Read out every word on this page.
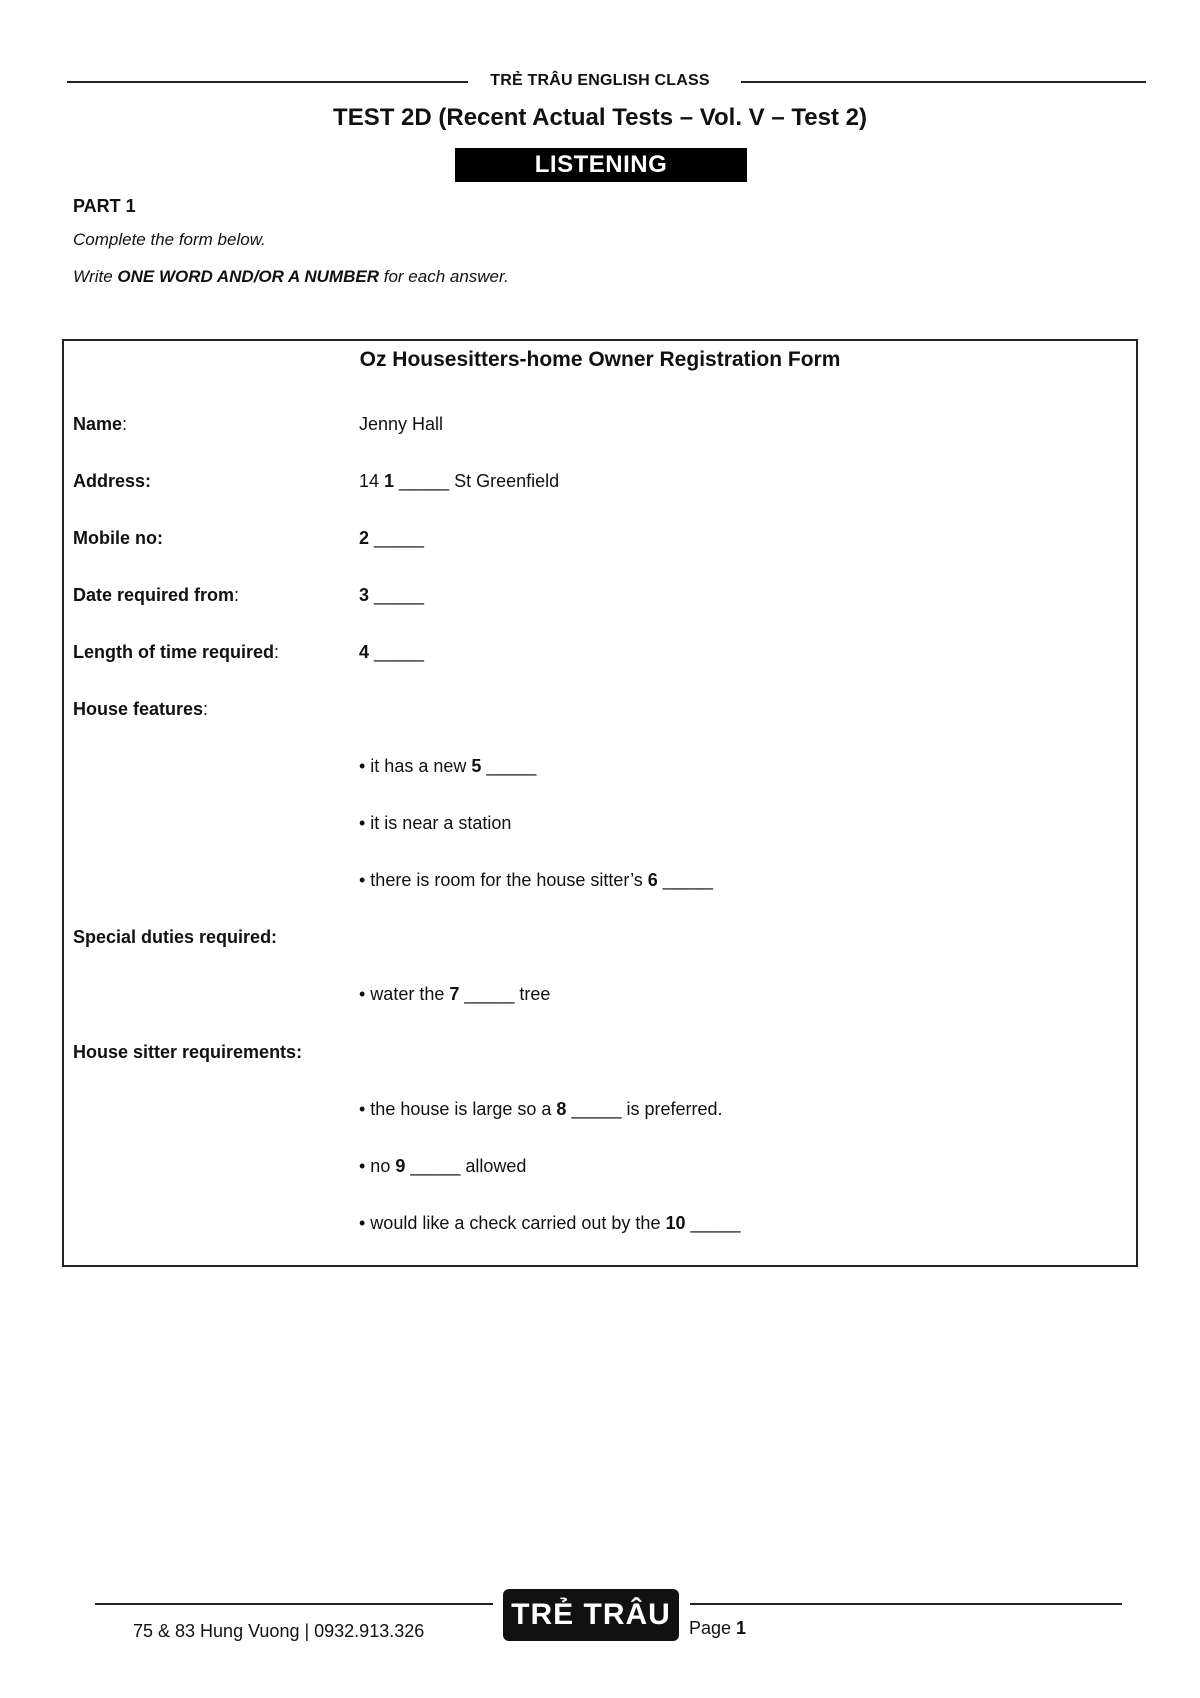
TRẺ TRÂU ENGLISH CLASS
TEST 2D (Recent Actual Tests – Vol. V – Test 2)
LISTENING
PART 1
Complete the form below.
Write ONE WORD AND/OR A NUMBER for each answer.
Oz Housesitters-home Owner Registration Form
Name:	Jenny Hall
Address:	14 1 _____ St Greenfield
Mobile no:	2 _____
Date required from:	3 _____
Length of time required:	4 _____
House features:
• it has a new 5 _____
• it is near a station
• there is room for the house sitter’s 6 _____
Special duties required:
• water the 7 _____ tree
House sitter requirements:
• the house is large so a 8 _____ is preferred.
• no 9 _____ allowed
• would like a check carried out by the 10 _____
75 & 83 Hung Vuong | 0932.913.326	TRẺ TRÂU	Page 1
